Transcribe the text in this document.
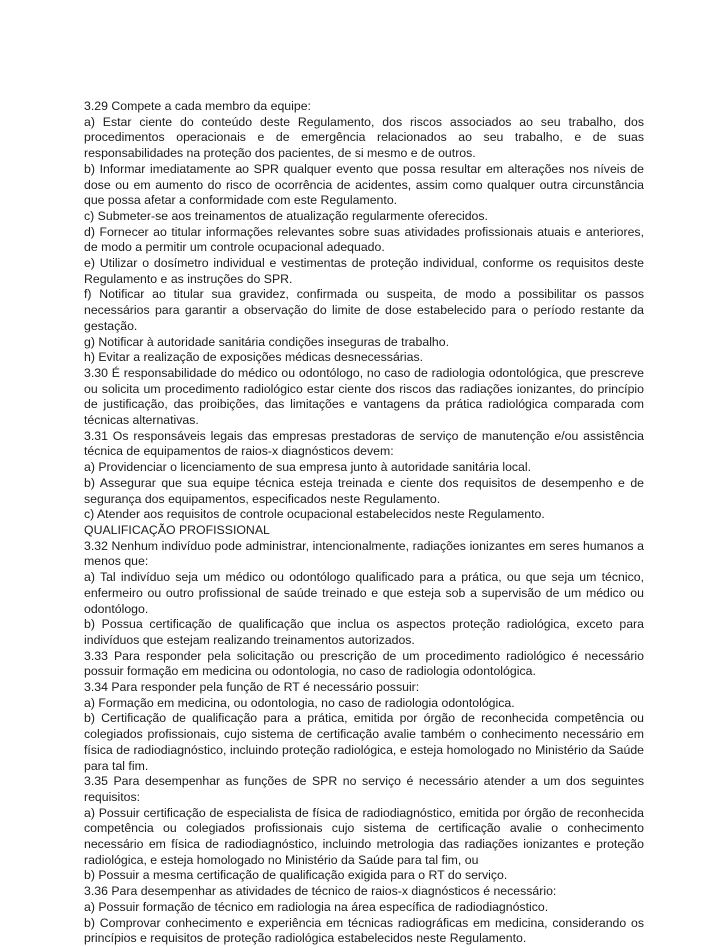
3.29 Compete a cada membro da equipe:

a) Estar ciente do conteúdo deste Regulamento, dos riscos associados ao seu trabalho, dos procedimentos operacionais e de emergência relacionados ao seu trabalho, e de suas responsabilidades na proteção dos pacientes, de si mesmo e de outros.

b) Informar imediatamente ao SPR qualquer evento que possa resultar em alterações nos níveis de dose ou em aumento do risco de ocorrência de acidentes, assim como qualquer outra circunstância que possa afetar a conformidade com este Regulamento.

c) Submeter-se aos treinamentos de atualização regularmente oferecidos.

d) Fornecer ao titular informações relevantes sobre suas atividades profissionais atuais e anteriores, de modo a permitir um controle ocupacional adequado.

e) Utilizar o dosímetro individual e vestimentas de proteção individual, conforme os requisitos deste Regulamento e as instruções do SPR.

f) Notificar ao titular sua gravidez, confirmada ou suspeita, de modo a possibilitar os passos necessários para garantir a observação do limite de dose estabelecido para o período restante da gestação.

g) Notificar à autoridade sanitária condições inseguras de trabalho.

h) Evitar a realização de exposições médicas desnecessárias.

3.30 É responsabilidade do médico ou odontólogo, no caso de radiologia odontológica, que prescreve ou solicita um procedimento radiológico estar ciente dos riscos das radiações ionizantes, do princípio de justificação, das proibições, das limitações e vantagens da prática radiológica comparada com técnicas alternativas.

3.31 Os responsáveis legais das empresas prestadoras de serviço de manutenção e/ou assistência técnica de equipamentos de raios-x diagnósticos devem:

a) Providenciar o licenciamento de sua empresa junto à autoridade sanitária local.

b) Assegurar que sua equipe técnica esteja treinada e ciente dos requisitos de desempenho e de segurança dos equipamentos, especificados neste Regulamento.

c) Atender aos requisitos de controle ocupacional estabelecidos neste Regulamento.

QUALIFICAÇÃO PROFISSIONAL

3.32 Nenhum indivíduo pode administrar, intencionalmente, radiações ionizantes em seres humanos a menos que:

a) Tal indivíduo seja um médico ou odontólogo qualificado para a prática, ou que seja um técnico, enfermeiro ou outro profissional de saúde treinado e que esteja sob a supervisão de um médico ou odontólogo.

b) Possua certificação de qualificação que inclua os aspectos proteção radiológica, exceto para indivíduos que estejam realizando treinamentos autorizados.

3.33 Para responder pela solicitação ou prescrição de um procedimento radiológico é necessário possuir formação em medicina ou odontologia, no caso de radiologia odontológica.

3.34 Para responder pela função de RT é necessário possuir:

a) Formação em medicina, ou odontologia, no caso de radiologia odontológica.

b) Certificação de qualificação para a prática, emitida por órgão de reconhecida competência ou colegiados profissionais, cujo sistema de certificação avalie também o conhecimento necessário em física de radiodiagnóstico, incluindo proteção radiológica, e esteja homologado no Ministério da Saúde para tal fim.

3.35 Para desempenhar as funções de SPR no serviço é necessário atender a um dos seguintes requisitos:

a) Possuir certificação de especialista de física de radiodiagnóstico, emitida por órgão de reconhecida competência ou colegiados profissionais cujo sistema de certificação avalie o conhecimento necessário em física de radiodiagnóstico, incluindo metrologia das radiações ionizantes e proteção radiológica, e esteja homologado no Ministério da Saúde para tal fim, ou

b) Possuir a mesma certificação de qualificação exigida para o RT do serviço.

3.36 Para desempenhar as atividades de técnico de raios-x diagnósticos é necessário:

a) Possuir formação de técnico em radiologia na área específica de radiodiagnóstico.

b) Comprovar conhecimento e experiência em técnicas radiográficas em medicina, considerando os princípios e requisitos de proteção radiológica estabelecidos neste Regulamento.
